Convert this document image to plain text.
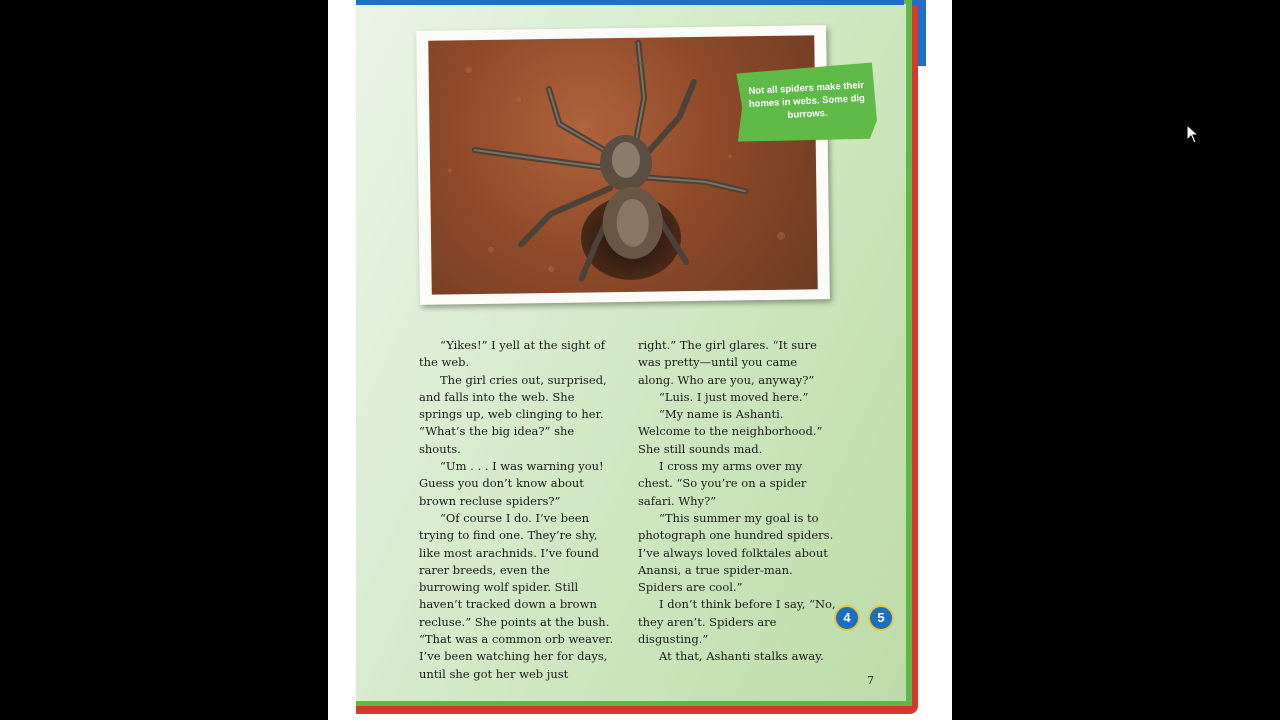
Not all spiders make their homes in webs. Some dig burrows.

“Yikes!” I yell at the sight of the web.

The girl cries out, surprised, and falls into the web. She springs up, web clinging to her. “What’s the big idea?” she shouts.

“Um . . . I was warning you! Guess you don’t know about brown recluse spiders?”

“Of course I do. I’ve been trying to find one. They’re shy, like most arachnids. I’ve found rarer breeds, even the burrowing wolf spider. Still haven’t tracked down a brown recluse.” She points at the bush. “That was a common orb weaver. I’ve been watching her for days, until she got her web just

right.” The girl glares. “It sure was pretty—until you came along. Who are you, anyway?”

“Luis. I just moved here.”

“My name is Ashanti. Welcome to the neighborhood.” She still sounds mad.

I cross my arms over my chest. “So you’re on a spider safari. Why?”

“This summer my goal is to photograph one hundred spiders. I’ve always loved folktales about Anansi, a true spider-man. Spiders are cool.”

I don’t think before I say, “No, they aren’t. Spiders are disgusting.”

At that, Ashanti stalks away.

4	5
7
